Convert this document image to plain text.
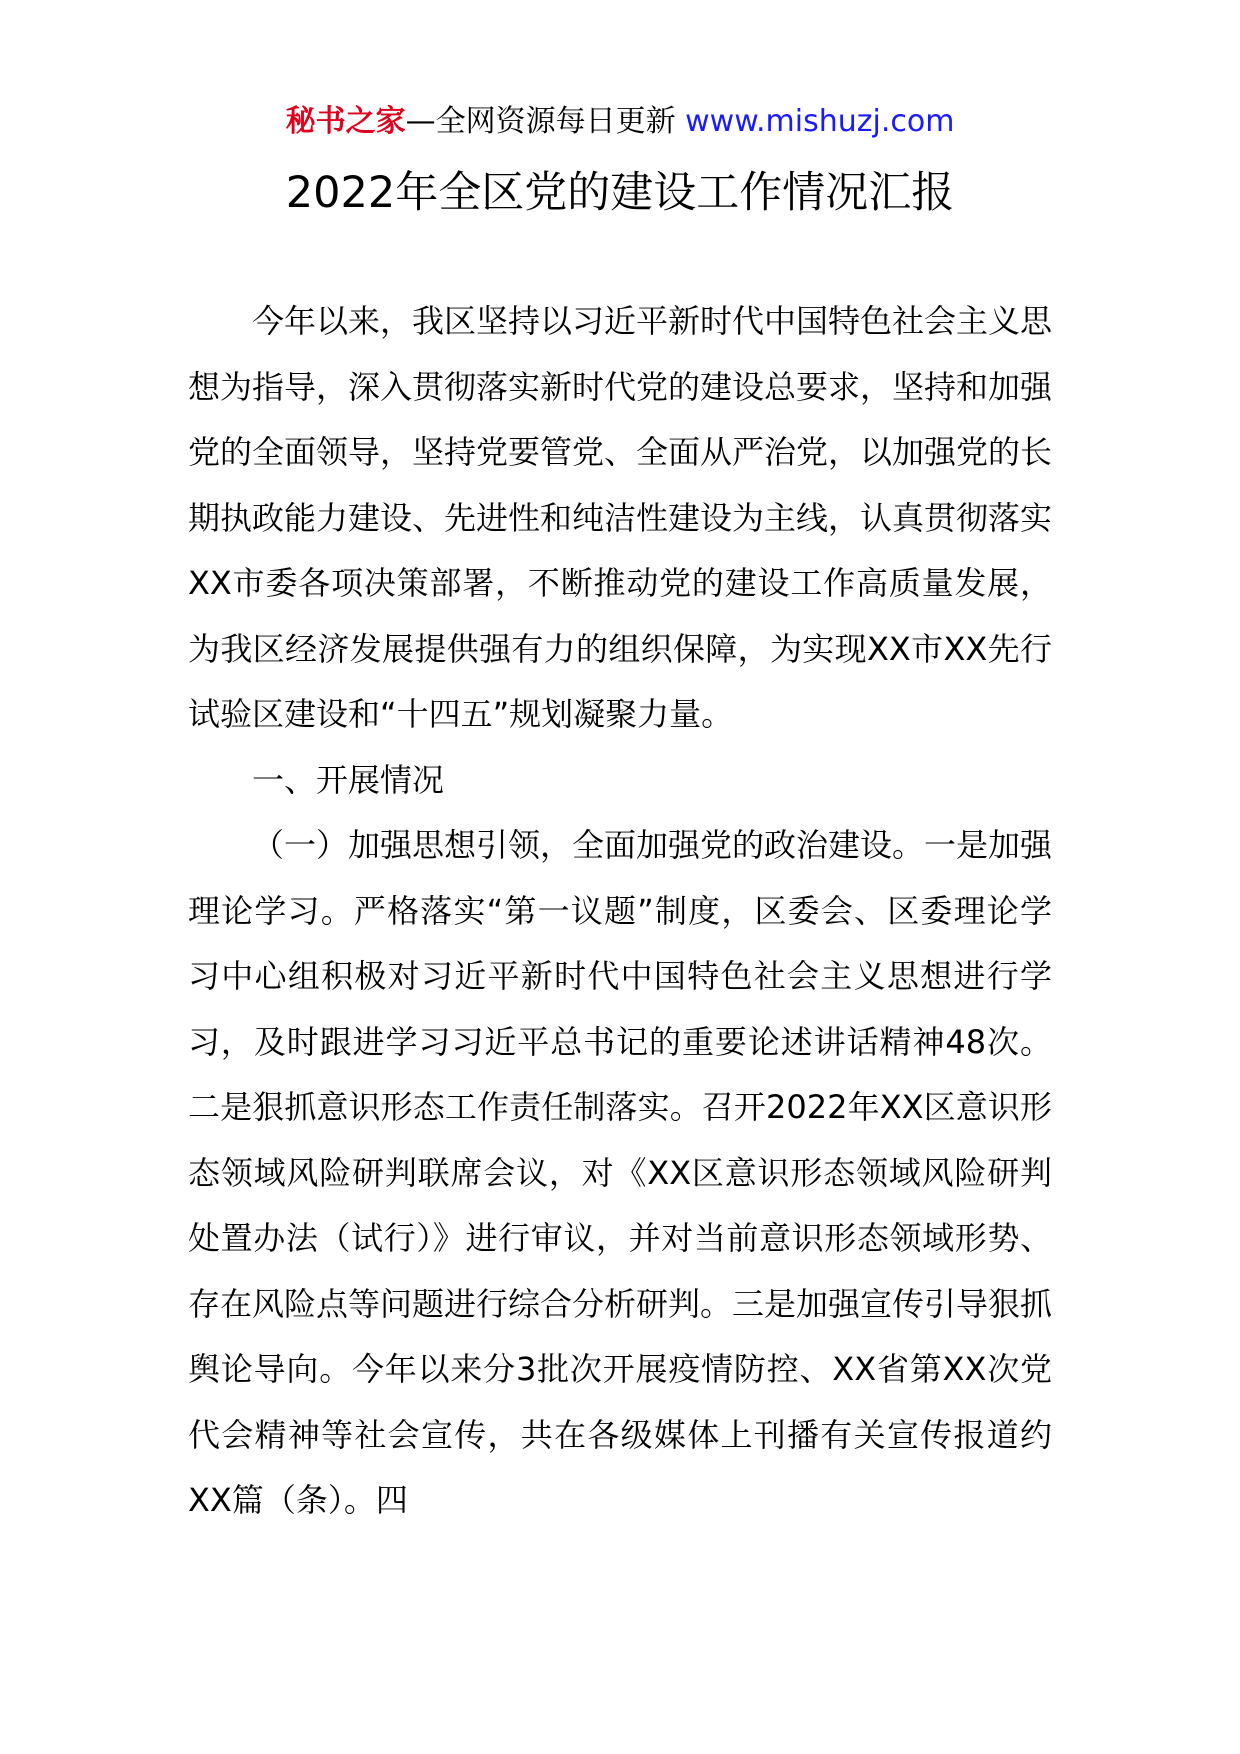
秘书之家—全网资源每日更新 www.mishuzj.com
2022年全区党的建设工作情况汇报

今年以来，我区坚持以习近平新时代中国特色社会主义思想为指导，深入贯彻落实新时代党的建设总要求，坚持和加强党的全面领导，坚持党要管党、全面从严治党，以加强党的长期执政能力建设、先进性和纯洁性建设为主线，认真贯彻落实XX市委各项决策部署，不断推动党的建设工作高质量发展，为我区经济发展提供强有力的组织保障，为实现XX市XX先行试验区建设和“十四五”规划凝聚力量。

一、开展情况

（一）加强思想引领，全面加强党的政治建设。一是加强理论学习。严格落实“第一议题”制度，区委会、区委理论学习中心组积极对习近平新时代中国特色社会主义思想进行学习，及时跟进学习习近平总书记的重要论述讲话精神48次。二是狠抓意识形态工作责任制落实。召开2022年XX区意识形态领域风险研判联席会议，对《XX区意识形态领域风险研判处置办法（试行）》进行审议，并对当前意识形态领域形势、存在风险点等问题进行综合分析研判。三是加强宣传引导狠抓舆论导向。今年以来分3批次开展疫情防控、XX省第XX次党代会精神等社会宣传，共在各级媒体上刊播有关宣传报道约XX篇（条）。四
